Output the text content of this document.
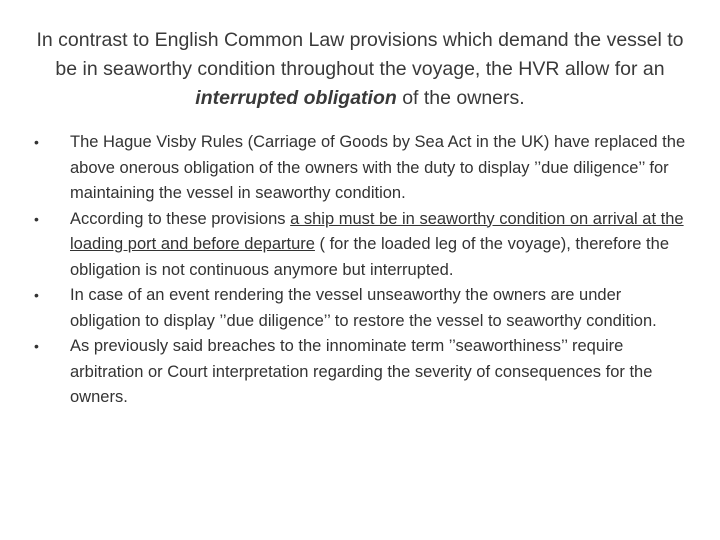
In contrast to English Common Law provisions which demand the vessel to be in seaworthy condition throughout the voyage, the HVR allow for an interrupted obligation of the owners.
• The Hague Visby Rules (Carriage of Goods by Sea Act in the UK) have replaced the above onerous obligation of the owners with the duty to display ’’due diligence’’ for maintaining the vessel in seaworthy condition.
• According to these provisions a ship must be in seaworthy condition on arrival at the loading port and before departure ( for the loaded leg of the voyage), therefore the obligation is not continuous anymore but interrupted.
• In case of an event rendering the vessel unseaworthy the owners are under obligation to display ’’due diligence’’ to restore the vessel to seaworthy condition.
• As previously said breaches to the innominate term ’’seaworthiness’’ require arbitration or Court interpretation regarding the severity of consequences for the owners.
